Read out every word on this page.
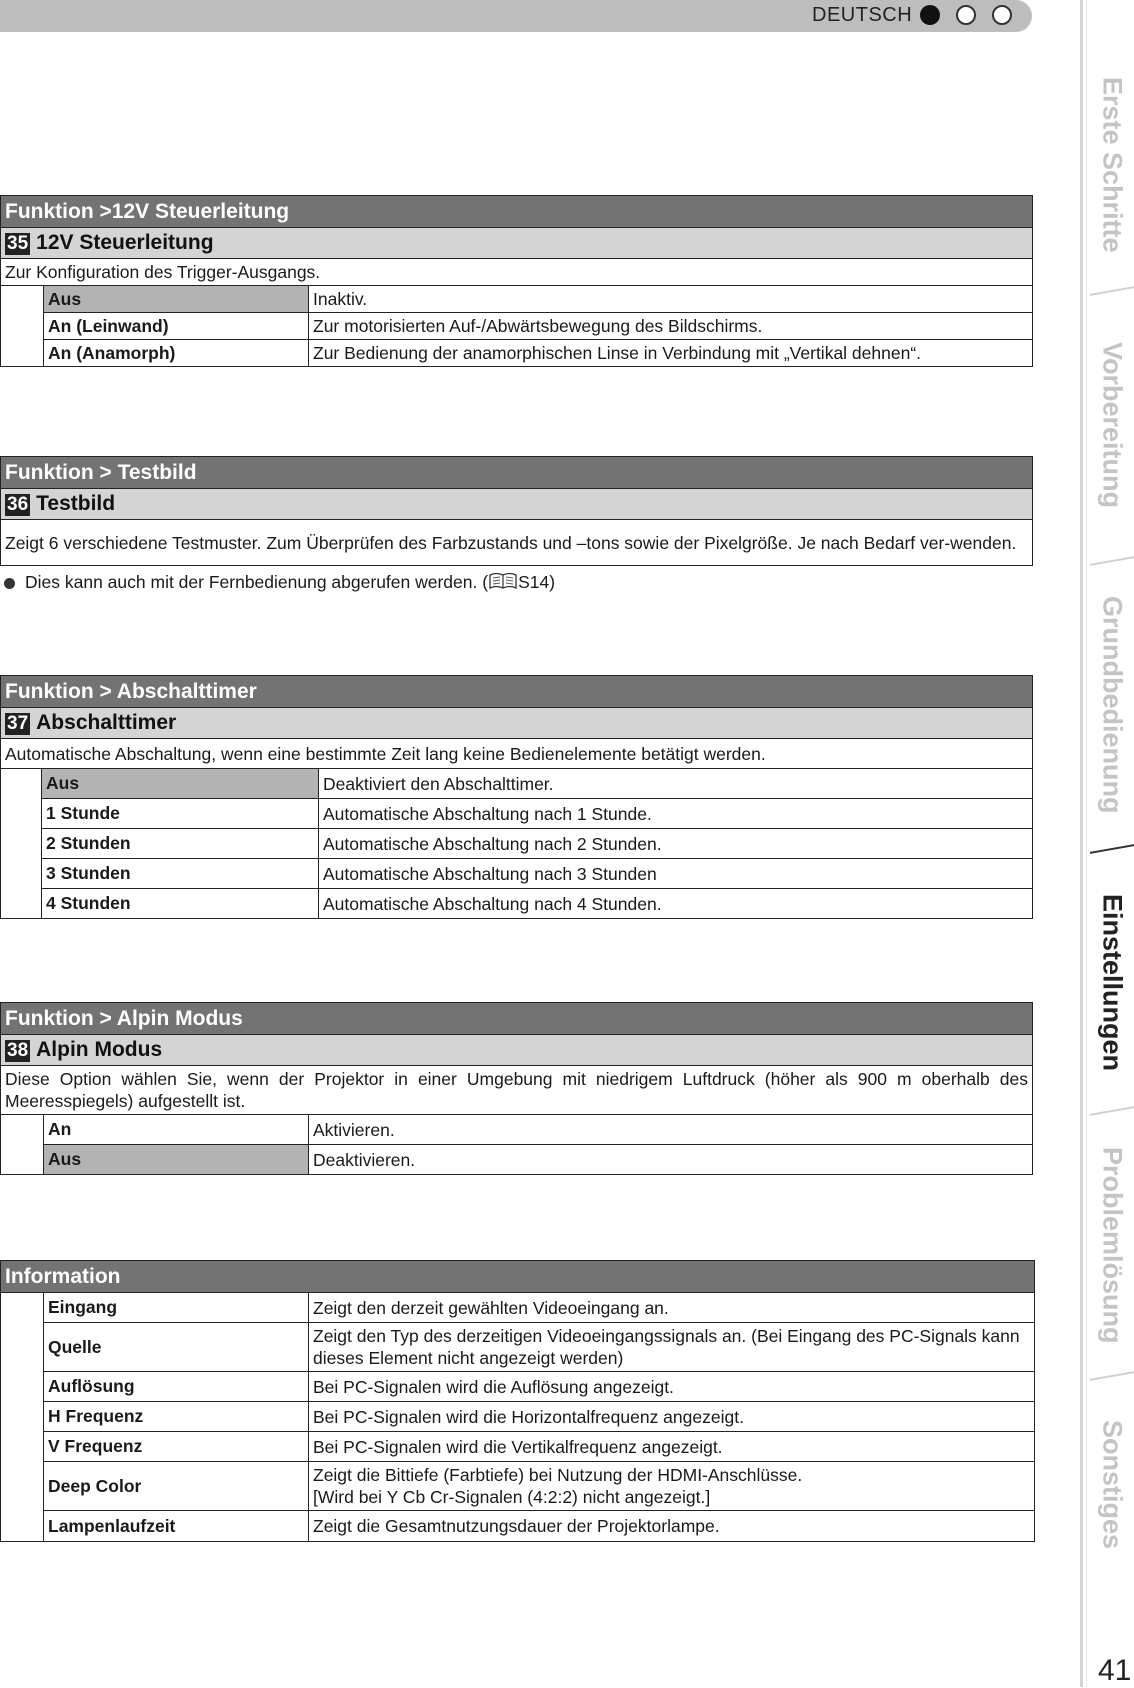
DEUTSCH
Erste Schritte
Vorbereitung
Grundbedienung
Einstellungen
Problemlösung
Sonstiges
41
Funktion >12V Steuerleitung		
35 12V Steuerleitung		
Zur Konfiguration des Trigger-Ausgangs.		
	Aus	Inaktiv.
	An (Leinwand)	Zur motorisierten Auf-/Abwärtsbewegung des Bildschirms.
	An (Anamorph)	Zur Bedienung der anamorphischen Linse in Verbindung mit „Vertikal dehnen“.
Funktion > Testbild
36 Testbild
Zeigt 6 verschiedene Testmuster. Zum Überprüfen des Farbzustands und –tons sowie der Pixelgröße. Je nach Bedarf ver-wenden.
Dies kann auch mit der Fernbedienung abgerufen werden. ( S14)
Funktion > Abschalttimer		
37 Abschalttimer		
Automatische Abschaltung, wenn eine bestimmte Zeit lang keine Bedienelemente betätigt werden.		
	Aus	Deaktiviert den Abschalttimer.
	1 Stunde	Automatische Abschaltung nach 1 Stunde.
	2 Stunden	Automatische Abschaltung nach 2 Stunden.
	3 Stunden	Automatische Abschaltung nach 3 Stunden
	4 Stunden	Automatische Abschaltung nach 4 Stunden.
Funktion > Alpin Modus		
38 Alpin Modus		
Diese Option wählen Sie, wenn der Projektor in einer Umgebung mit niedrigem Luftdruck (höher als 900 m oberhalb des Meeresspiegels) aufgestellt ist.		
	An	Aktivieren.
	Aus	Deaktivieren.
Information		
	Eingang	Zeigt den derzeit gewählten Videoeingang an.
	Quelle	Zeigt den Typ des derzeitigen Videoeingangssignals an. (Bei Eingang des PC-Signals kann dieses Element nicht angezeigt werden)
	Auflösung	Bei PC-Signalen wird die Auflösung angezeigt.
	H Frequenz	Bei PC-Signalen wird die Horizontalfrequenz angezeigt.
	V Frequenz	Bei PC-Signalen wird die Vertikalfrequenz angezeigt.
	Deep Color	Zeigt die Bittiefe (Farbtiefe) bei Nutzung der HDMI-Anschlüsse.
[Wird bei Y Cb Cr-Signalen (4:2:2) nicht angezeigt.]

	Lampenlaufzeit	Zeigt die Gesamtnutzungsdauer der Projektorlampe.
